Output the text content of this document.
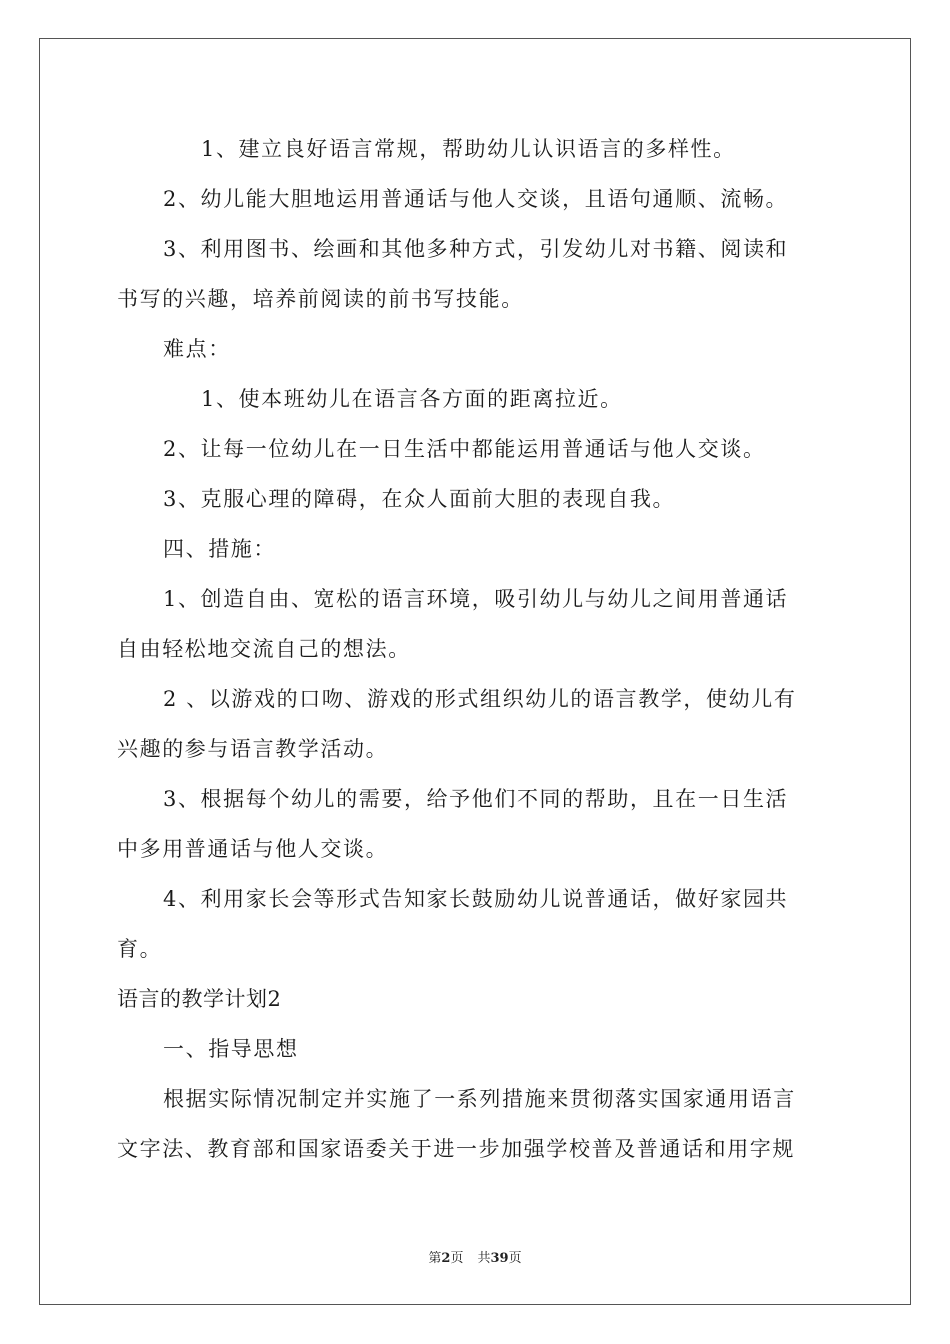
1、建立良好语言常规，帮助幼儿认识语言的多样性。
2、幼儿能大胆地运用普通话与他人交谈，且语句通顺、流畅。
3、利用图书、绘画和其他多种方式，引发幼儿对书籍、阅读和
书写的兴趣，培养前阅读的前书写技能。
难点：
1、使本班幼儿在语言各方面的距离拉近。
2、让每一位幼儿在一日生活中都能运用普通话与他人交谈。
3、克服心理的障碍，在众人面前大胆的表现自我。
四、措施：
1、创造自由、宽松的语言环境，吸引幼儿与幼儿之间用普通话
自由轻松地交流自己的想法。
2 、以游戏的口吻、游戏的形式组织幼儿的语言教学，使幼儿有
兴趣的参与语言教学活动。
3、根据每个幼儿的需要，给予他们不同的帮助，且在一日生活
中多用普通话与他人交谈。
4、利用家长会等形式告知家长鼓励幼儿说普通话，做好家园共
育。
语言的教学计划2
一、指导思想
根据实际情况制定并实施了一系列措施来贯彻落实国家通用语言
文字法、教育部和国家语委关于进一步加强学校普及普通话和用字规
第2页 共39页
